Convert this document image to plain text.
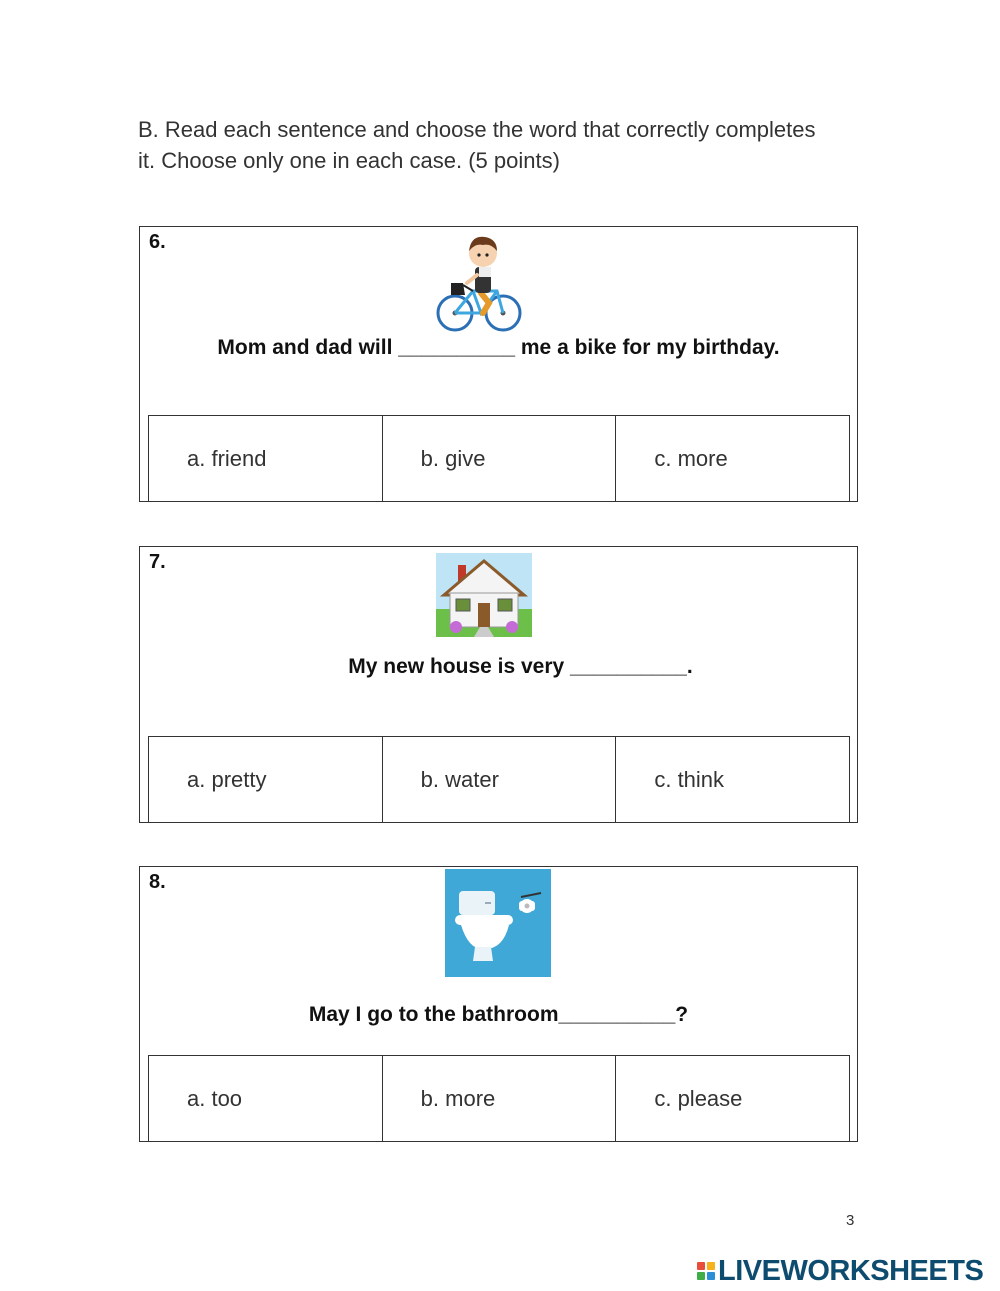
B. Read each sentence and choose the word that correctly completes it. Choose only one in each case. (5 points)

6.
Mom and dad will __________ me a bike for my birthday.
a. friend	b. give	c. more
7.
My new house is very __________.
a. pretty	b. water	c. think
8.
May I go to the bathroom__________?
a. too	b. more	c. please
3
LIVEWORKSHEETS
